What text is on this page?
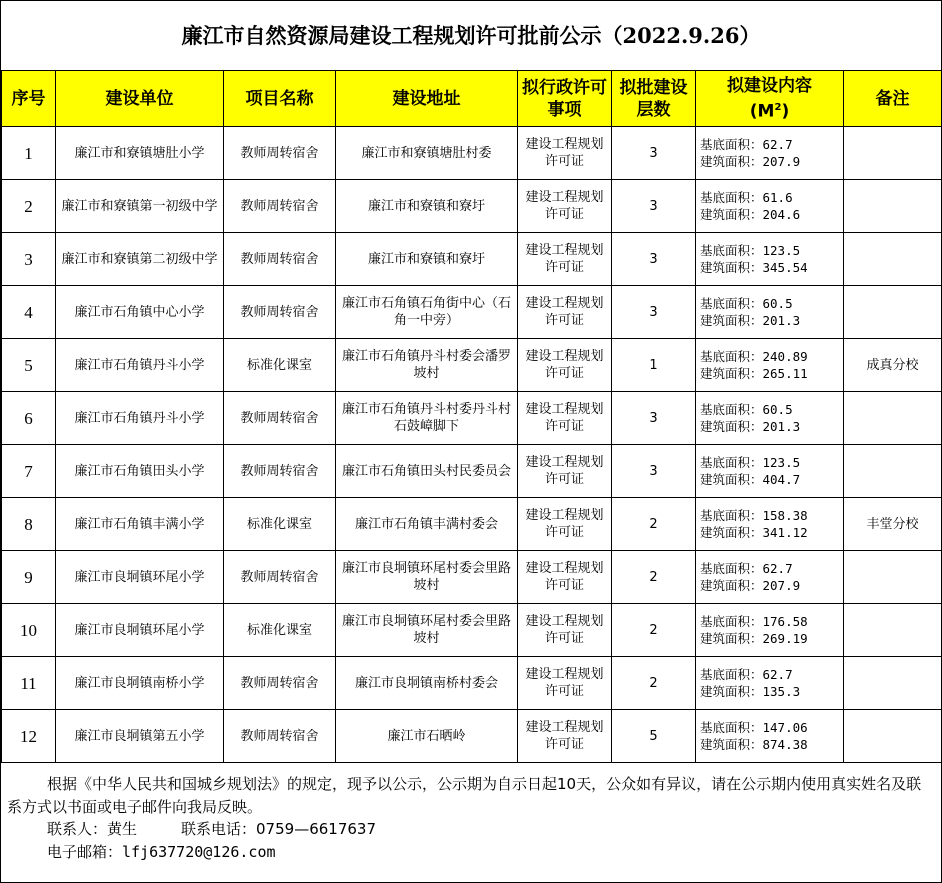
廉江市自然资源局建设工程规划许可批前公示（2022.9.26）
序号	建设单位	项目名称	建设地址	拟行政许可事项	拟批建设层数	拟建设内容
$(M^2)$	备注
1	廉江市和寮镇塘肚小学	教师周转宿舍	廉江市和寮镇塘肚村委	建设工程规划许可证	3	基底面积：62.7
建筑面积：207.9	

2	廉江市和寮镇第一初级中学	教师周转宿舍	廉江市和寮镇和寮圩	建设工程规划许可证	3	基底面积：61.6
建筑面积：204.6	

3	廉江市和寮镇第二初级中学	教师周转宿舍	廉江市和寮镇和寮圩	建设工程规划许可证	3	基底面积：123.5
建筑面积：345.54	

4	廉江市石角镇中心小学	教师周转宿舍	廉江市石角镇石角街中心（石角一中旁）	建设工程规划许可证	3	基底面积：60.5
建筑面积：201.3	

5	廉江市石角镇丹斗小学	标准化课室	廉江市石角镇丹斗村委会潘罗坡村	建设工程规划许可证	1	基底面积：240.89
建筑面积：265.11	成真分校
6	廉江市石角镇丹斗小学	教师周转宿舍	廉江市石角镇丹斗村委丹斗村石鼓嶂脚下	建设工程规划许可证	3	基底面积：60.5
建筑面积：201.3	

7	廉江市石角镇田头小学	教师周转宿舍	廉江市石角镇田头村民委员会	建设工程规划许可证	3	基底面积：123.5
建筑面积：404.7	

8	廉江市石角镇丰满小学	标准化课室	廉江市石角镇丰满村委会	建设工程规划许可证	2	基底面积：158.38
建筑面积：341.12	丰堂分校
9	廉江市良垌镇环尾小学	教师周转宿舍	廉江市良垌镇环尾村委会里路坡村	建设工程规划许可证	2	基底面积：62.7
建筑面积：207.9	

10	廉江市良垌镇环尾小学	标准化课室	廉江市良垌镇环尾村委会里路坡村	建设工程规划许可证	2	基底面积：176.58
建筑面积：269.19	

11	廉江市良垌镇南桥小学	教师周转宿舍	廉江市良垌镇南桥村委会	建设工程规划许可证	2	基底面积：62.7
建筑面积：135.3	

12	廉江市良垌镇第五小学	教师周转宿舍	廉江市石晒岭	建设工程规划许可证	5	基底面积：147.06
建筑面积：874.38	

根据《中华人民共和国城乡规划法》的规定，现予以公示，公示期为自示日起10天，公众如有异议，请在公示期内使用真实姓名及联系方式以书面或电子邮件向我局反映。
联系人：黄生	联系电话：0759—6617637
电子邮箱：lfj637720@126.com
